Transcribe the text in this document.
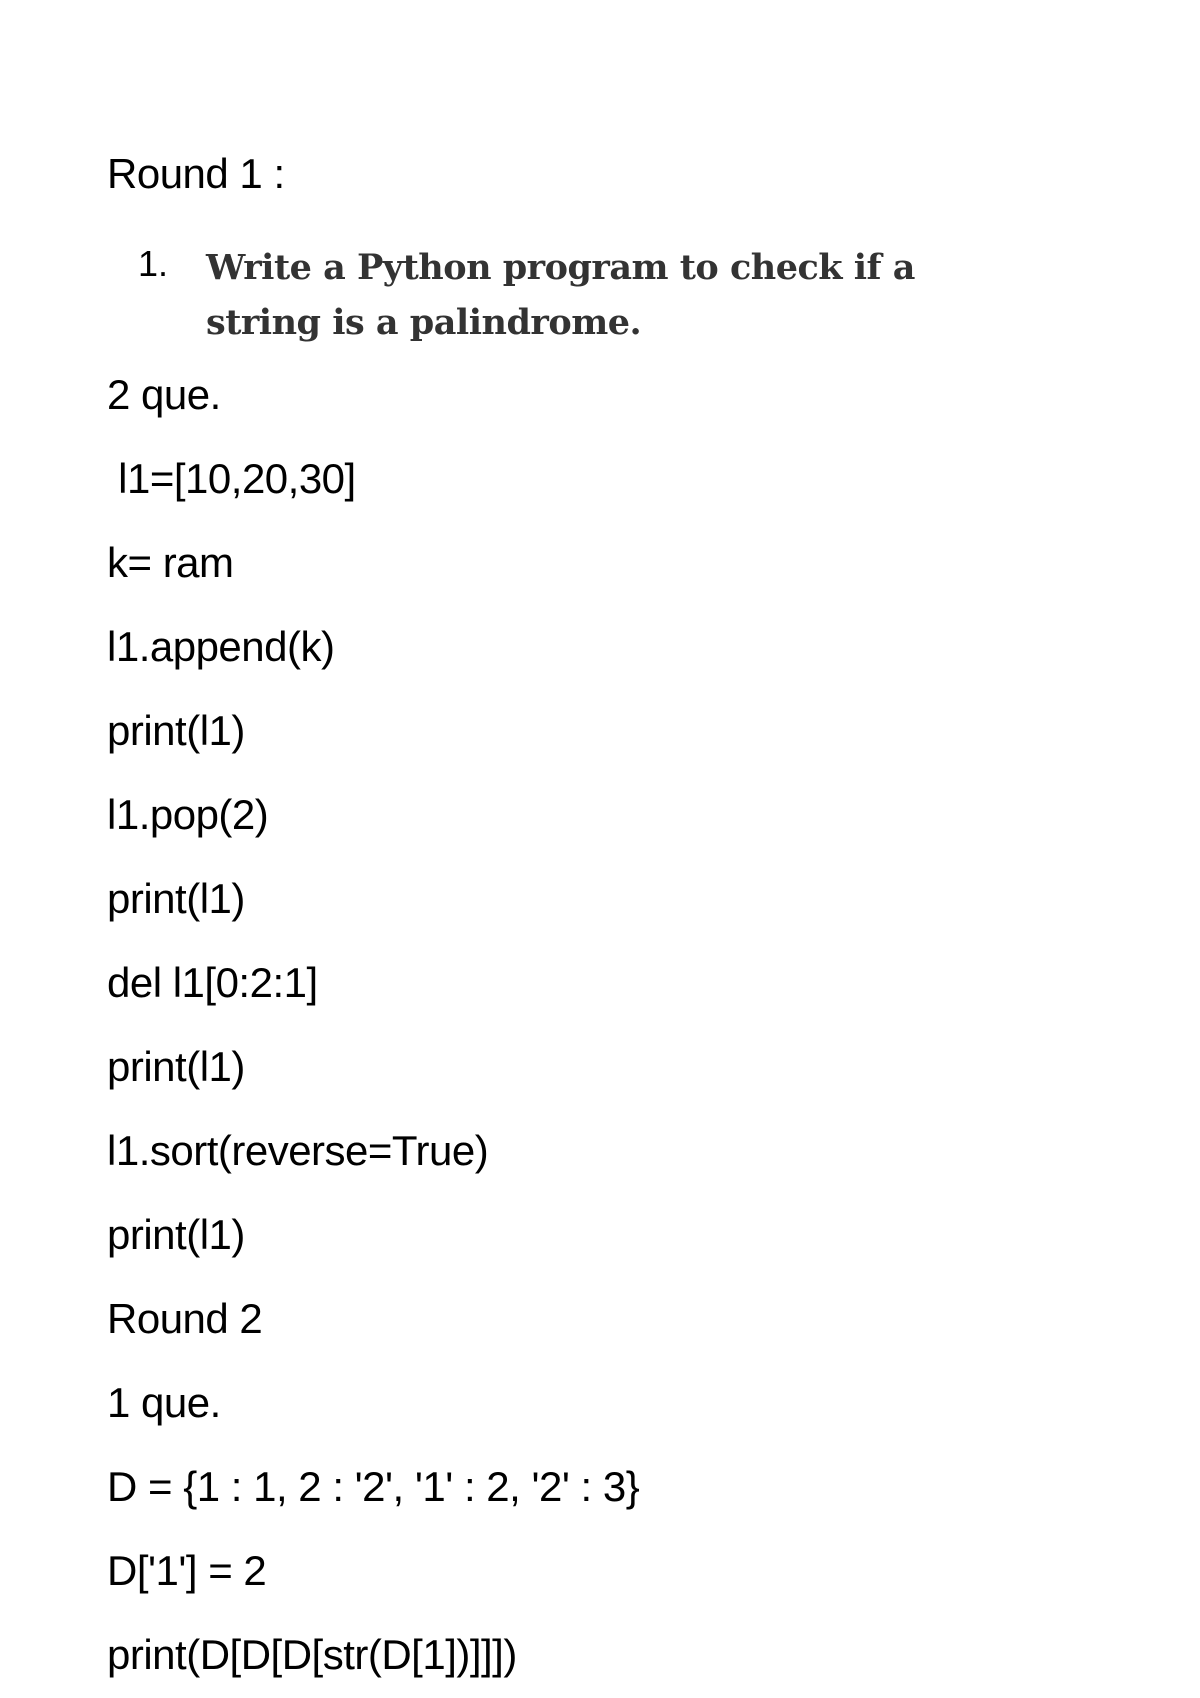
Round 1 :
1. Write a Python program to check if a string is a palindrome.
2 que.
l1=[10,20,30]
k= ram
l1.append(k)
print(l1)
l1.pop(2)
print(l1)
del l1[0:2:1]
print(l1)
l1.sort(reverse=True)
print(l1)
Round 2
1 que.
D = {1 : 1, 2 : '2', '1' : 2, '2' : 3}
D['1'] = 2
print(D[D[D[str(D[1])]]])
